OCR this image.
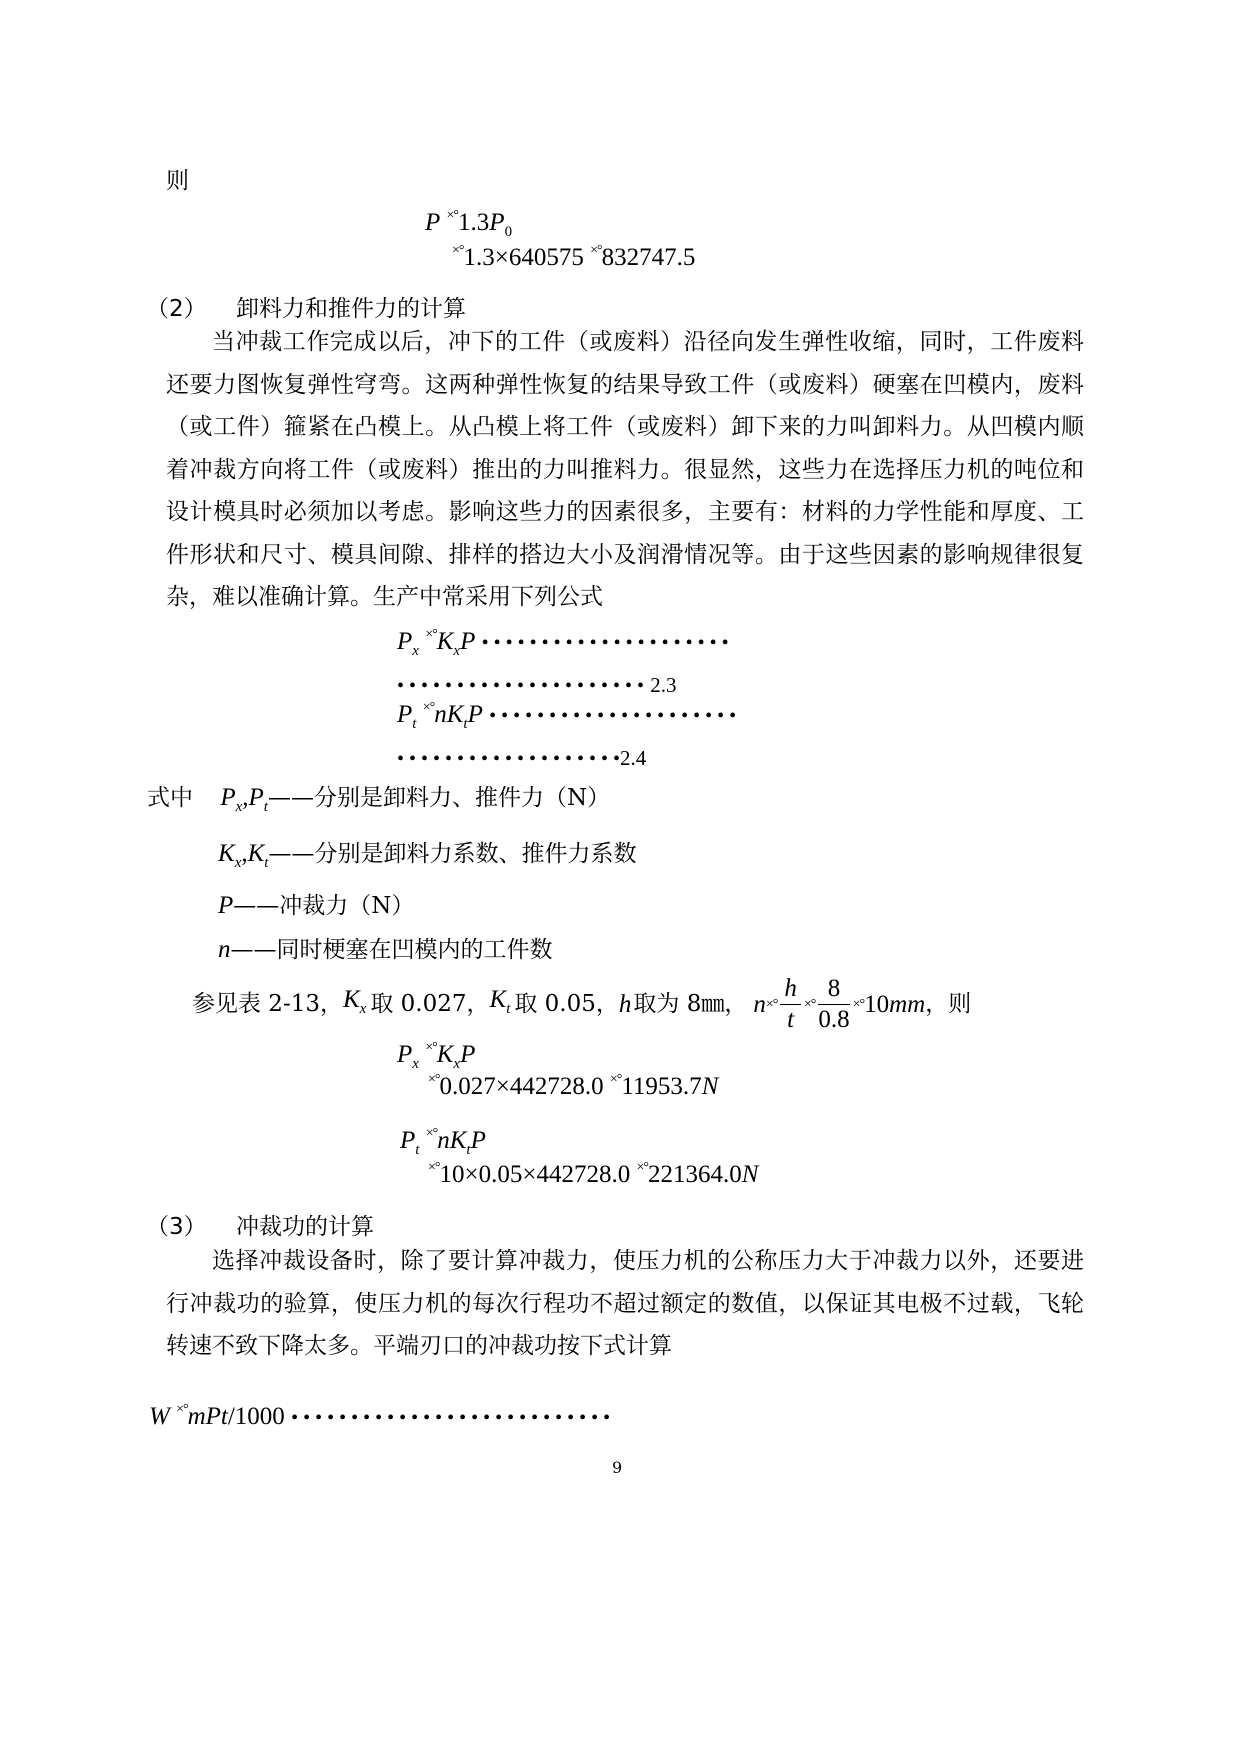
则
P $^{\times^\circ}1.3P_0$
×°1.3×640575 ×°832747.5
（2） 卸料力和推件力的计算

当冲裁工作完成以后，冲下的工件（或废料）沿径向发生弹性收缩，同时，工件废料还要力图恢复弹性穹弯。这两种弹性恢复的结果导致工件（或废料）硬塞在凹模内，废料（或工件）箍紧在凸模上。从凸模上将工件（或废料）卸下来的力叫卸料力。从凹模内顺着冲裁方向将工件（或废料）推出的力叫推料力。很显然，这些力在选择压力机的吨位和设计模具时必须加以考虑。影响这些力的因素很多，主要有：材料的力学性能和厚度、工件形状和尺寸、模具间隙、排样的搭边大小及润滑情况等。由于这些因素的影响规律很复杂，难以准确计算。生产中常采用下列公式

$P_x$ $^{\times^\circ}K_xP$ • • • • • • • • • • • • • • • • • • • • •
• • • • • • • • • • • • • • • • • • • • • 2.3
$P_t$ $^{\times^\circ}nK_tP$ • • • • • • • • • • • • • • • • • • • • •
• • • • • • • • • • • • • • • • • • •2.4
式中 $P_x,P_t——$分别是卸料力、推件力（N）
$K_x,K_t——$分别是卸料力系数、推件力系数
P——冲裁力（N）
n——同时梗塞在凹模内的工件数
参见表 2-13， $K_x$ 取 0.027， $K_t$ 取 0.05， h 取为 8㎜， n ×° $\frac{h}{t}$ ×° $\frac{8}{0.8}$ ×° 10 mm ，则
$P_x$ $^{\times^\circ}K_xP$
×°0.027×442728.0 ×°11953.7N
$P_t$ $^{\times^\circ}nK_tP$
×°10×0.05×442728.0 ×°221364.0N
（3） 冲裁功的计算

选择冲裁设备时，除了要计算冲裁力，使压力机的公称压力大于冲裁力以外，还要进行冲裁功的验算，使压力机的每次行程功不超过额定的数值，以保证其电极不过载，飞轮转速不致下降太多。平端刃口的冲裁功按下式计算

W ×°mPt/1000 • • • • • • • • • • • • • • • • • • • • • • • • • • •
9
